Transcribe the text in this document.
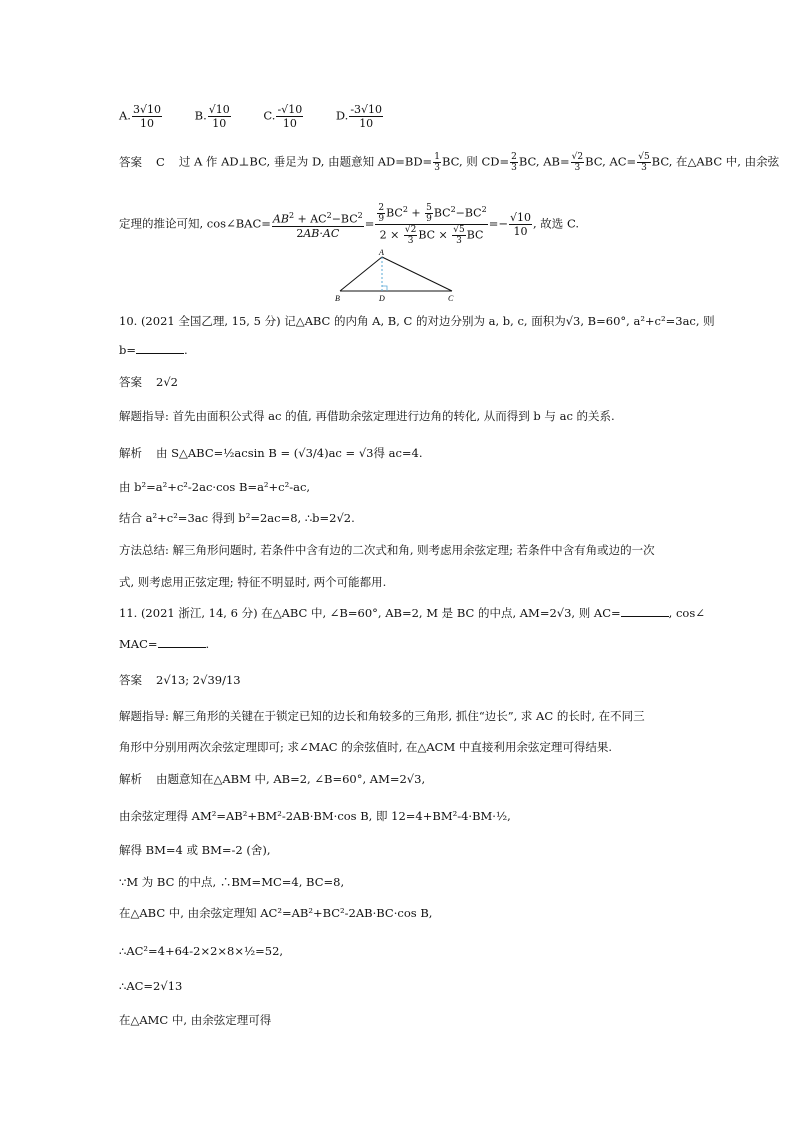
A. $\frac{3√10}{10}$	B. $\frac{√10}{10}$	C. $\frac{-√10}{10}$	D. $\frac{-3√10}{10}$
答案 C 过 A 作 AD⊥BC, 垂足为 D, 由题意知 $AD=BD= \frac{1}{3}$ BC, 则 $CD= \frac{2}{3}$ BC, $AB= \frac{√2}{3}$ BC, $AC= \frac{√5}{3}$ BC, 在△ABC 中, 由余弦
定理的推论可知, cos∠BAC= $\frac{AB^2 + AC^2-BC^2}{2AB\cdot AC} = \frac{\frac{2}{9} BC^2 + \frac{5}{9} BC^2-BC^2}{2 \times \frac{√2}{3} BC \times \frac{√5}{3} BC} =- \frac{√10}{10}$ , 故选 C.
A
B	D	C
10. (2021 全国乙理, 15, 5 分) 记△ABC 的内角 A, B, C 的对边分别为 a, b, c, 面积为√3, B=60°, a²+c²=3ac, 则
b=	.
答案 2√2
解题指导: 首先由面积公式得 ac 的值, 再借助余弦定理进行边角的转化, 从而得到 b 与 ac 的关系.
解析 由 S△ABC=½acsin B = (√3/4)ac = √3得 ac=4.
由 b²=a²+c²-2ac·cos B=a²+c²-ac,
结合 a²+c²=3ac 得到 b²=2ac=8, ∴b=2√2.
方法总结: 解三角形问题时, 若条件中含有边的二次式和角, 则考虑用余弦定理; 若条件中含有角或边的一次
式, 则考虑用正弦定理; 特征不明显时, 两个可能都用.
11. (2021 浙江, 14, 6 分) 在△ABC 中, ∠B=60°, AB=2, M 是 BC 的中点, AM=2√3, 则 AC=	, cos∠
MAC=	.
答案 2√13; 2√39/13
解题指导: 解三角形的关键在于锁定已知的边长和角较多的三角形, 抓住“边长”, 求 AC 的长时, 在不同三
角形中分别用两次余弦定理即可; 求∠MAC 的余弦值时, 在△ACM 中直接利用余弦定理可得结果.
解析 由题意知在△ABM 中, AB=2, ∠B=60°, AM=2√3,
由余弦定理得 AM²=AB²+BM²-2AB·BM·cos B, 即 12=4+BM²-4·BM·½,
解得 BM=4 或 BM=-2 (舍),
∵M 为 BC 的中点, ∴BM=MC=4, BC=8,
在△ABC 中, 由余弦定理知 AC²=AB²+BC²-2AB·BC·cos B,
∴AC²=4+64-2×2×8×½=52,
∴AC=2√13
在△AMC 中, 由余弦定理可得
